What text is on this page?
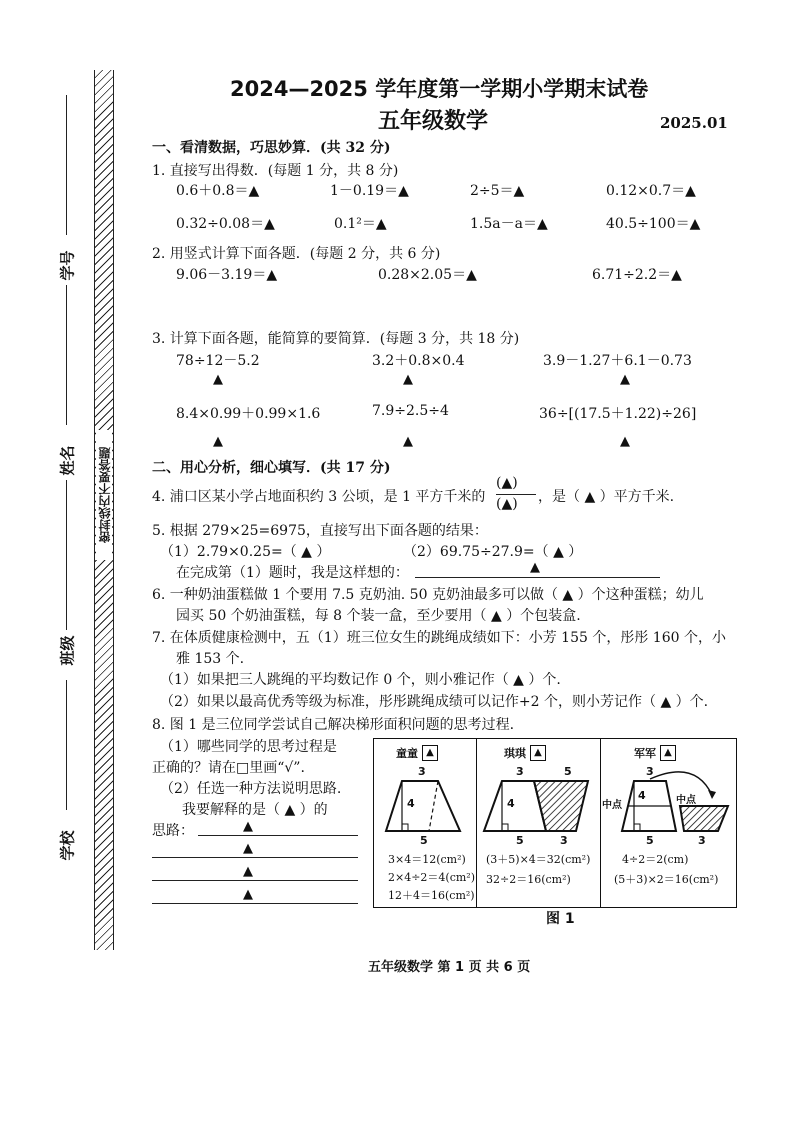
密封线内不要答题
学号
姓名
班级
学校
2024—2025 学年度第一学期小学期末试卷
五年级数学	2025.01
一、看清数据，巧思妙算．(共 32 分)
1. 直接写出得数．(每题 1 分，共 8 分)
0.6＋0.8＝▲	1－0.19＝▲	2÷5＝▲	0.12×0.7＝▲
0.32÷0.08＝▲	0.1²＝▲	1.5a－a＝▲	40.5÷100＝▲
2. 用竖式计算下面各题．(每题 2 分，共 6 分)
9.06－3.19＝▲	0.28×2.05＝▲	6.71÷2.2̇＝▲
3. 计算下面各题，能简算的要简算．(每题 3 分，共 18 分)
78÷12－5.2	3.2＋0.8×0.4	3.9－1.27＋6.1－0.73
▲	▲	▲
8.4×0.99＋0.99×1.6	7.9÷2.5÷4	36÷[(17.5＋1.22)÷26]
▲	▲	▲
二、用心分析，细心填写．(共 17 分)
4. 浦口区某小学占地面积约 3 公顷，是 1 平方千米的
(▲)
(▲) ，是（ ▲ ）平方千米.
5. 根据 279×25=6975，直接写出下面各题的结果：
（1）2.79×0.25=（ ▲ ）	（2）69.75÷27.9=（ ▲ ）
在完成第（1）题时，我是这样想的：	▲
6. 一种奶油蛋糕做 1 个要用 7.5 克奶油. 50 克奶油最多可以做（ ▲ ）个这种蛋糕；幼儿
园买 50 个奶油蛋糕，每 8 个装一盒，至少要用（ ▲ ）个包装盒.
7. 在体质健康检测中，五（1）班三位女生的跳绳成绩如下：小芳 155 个，彤彤 160 个，小
雅 153 个.
（1）如果把三人跳绳的平均数记作 0 个，则小雅记作（ ▲ ）个.
（2）如果以最高优秀等级为标准，彤彤跳绳成绩可以记作+2 个，则小芳记作（ ▲ ）个.
8. 图 1 是三位同学尝试自己解决梯形面积问题的思考过程.
（1）哪些同学的思考过程是
正确的？请在□里画“√”.
（2）任选一种方法说明思路.
我要解释的是（ ▲ ）的
思路：	▲
▲
▲
▲
童童 ▲
3
4
5
3×4＝12(cm²)
2×4÷2＝4(cm²)
12＋4＝16(cm²)
琪琪 ▲
3	5
4
5	3
(3＋5)×4＝32(cm²)
32÷2＝16(cm²)
军军 ▲
3
4
中点	中点
5	3
4÷2＝2(cm)
(5＋3)×2＝16(cm²)
图 1
五年级数学 第 1 页 共 6 页
